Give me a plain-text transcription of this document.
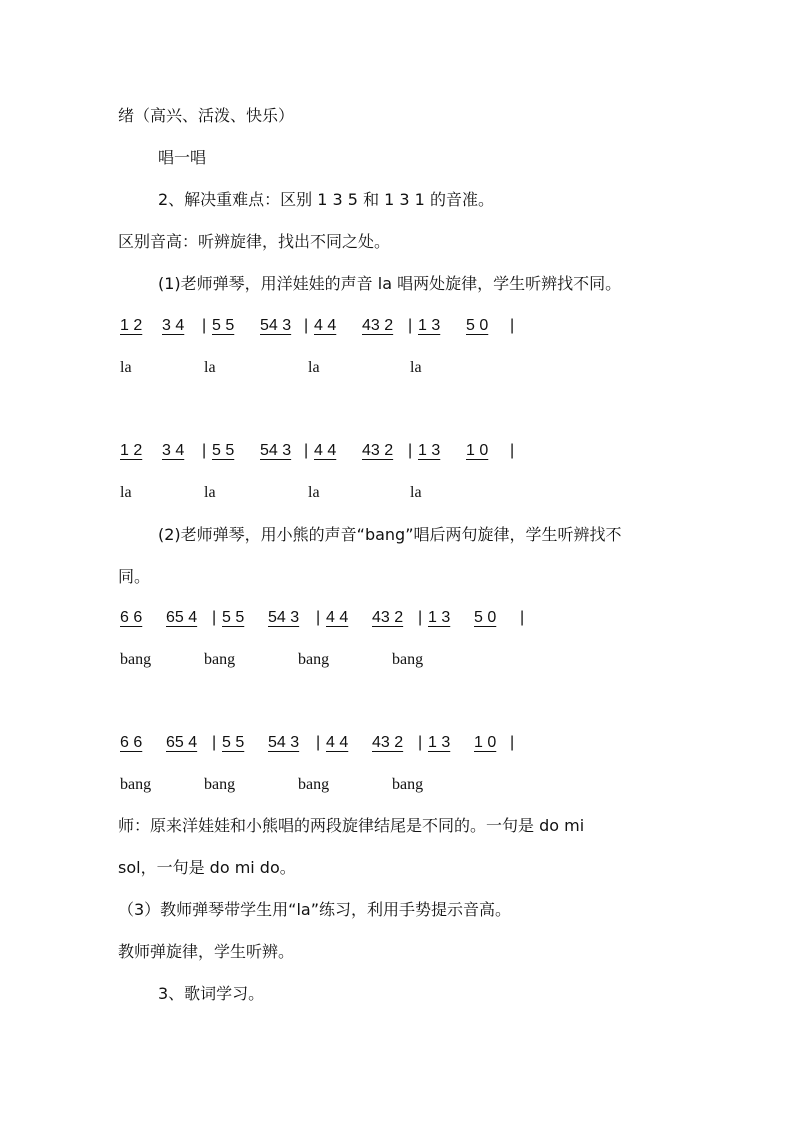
绪（高兴、活泼、快乐）
唱一唱
2、解决重难点：区别 1 3 5 和 1 3 1 的音准。
区别音高：听辨旋律，找出不同之处。
(1)老师弹琴，用洋娃娃的声音 la 唱两处旋律，学生听辨找不同。
1 2 3 4 | 5 5 54 3 | 4 4 43 2 | 1 3 5 0 |
la	la	la	la
1 2 3 4 | 5 5 54 3 | 4 4 43 2 | 1 3 1 0 |
la	la	la	la
(2)老师弹琴，用小熊的声音“bang”唱后两句旋律，学生听辨找不
同。
6 6 65 4 | 5 5 54 3 | 4 4 43 2 | 1 3 5 0 |
bang	bang	bang	bang
6 6 65 4 | 5 5 54 3 | 4 4 43 2 | 1 3 1 0 |
bang	bang	bang	bang
师：原来洋娃娃和小熊唱的两段旋律结尾是不同的。一句是 do mi
sol，一句是 do mi do。
（3）教师弹琴带学生用“la”练习，利用手势提示音高。
教师弹旋律，学生听辨。
3、歌词学习。
